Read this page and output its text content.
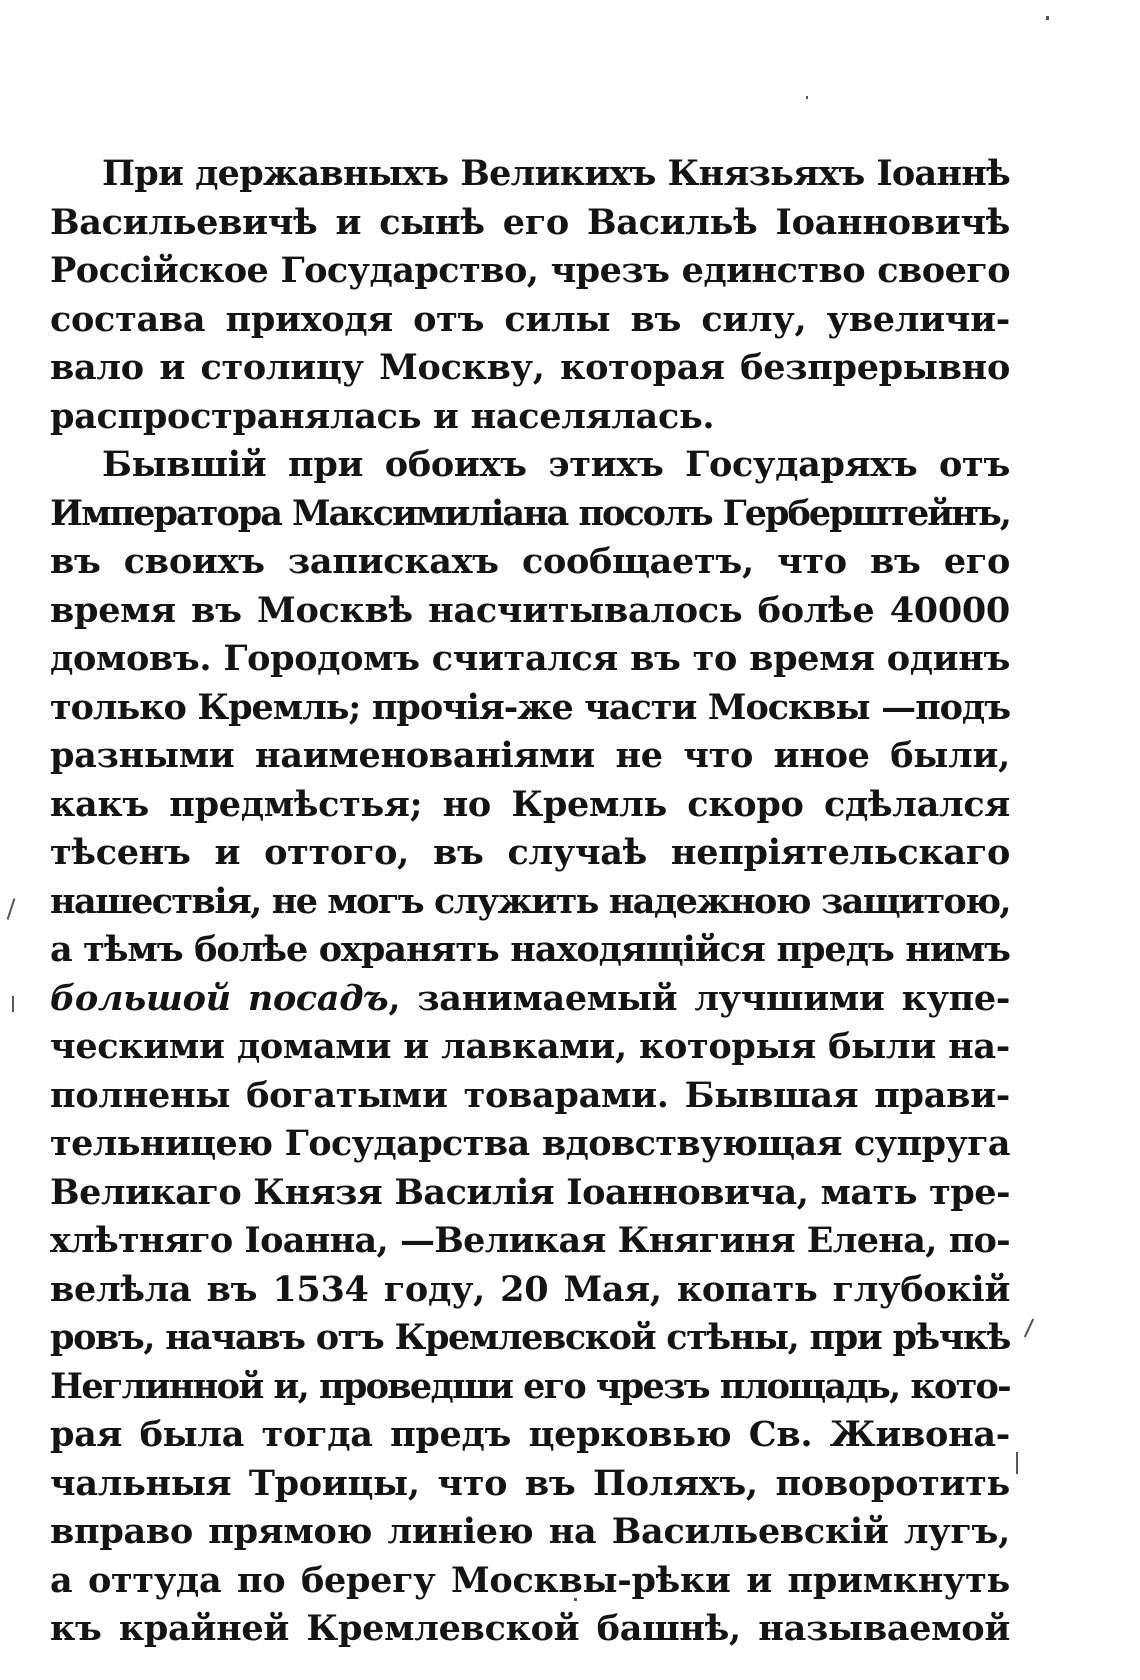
При державныхъ Великихъ Князьяхъ Іоаннѣ
Васильевичѣ и сынѣ его Васильѣ Іоанновичѣ
Россійское Государство, чрезъ единство своего
состава приходя отъ силы въ силу, увеличи-
вало и столицу Москву, которая безпрерывно
распространялась и населялась.
Бывшій при обоихъ этихъ Государяхъ отъ
Императора Максимиліана посолъ Герберштейнъ,
въ своихъ запискахъ сообщаетъ, что въ его
время въ Москвѣ насчитывалось болѣе 40000
домовъ. Городомъ считался въ то время одинъ
только Кремль; прочія-же части Москвы —подъ
разными наименованіями не что иное были,
какъ предмѣстья; но Кремль скоро сдѣлался
тѣсенъ и оттого, въ случаѣ непріятельскаго
нашествія, не могъ служить надежною защитою,
а тѣмъ болѣе охранять находящійся предъ нимъ
большой посадъ, занимаемый лучшими купе-
ческими домами и лавками, которыя были на-
полнены богатыми товарами. Бывшая прави-
тельницею Государства вдовствующая супруга
Великаго Князя Василія Іоанновича, мать тре-
хлѣтняго Іоанна, —Великая Княгиня Елена, по-
велѣла въ 1534 году, 20 Мая, копать глубокій
ровъ, начавъ отъ Кремлевской стѣны, при рѣчкѣ
Неглинной и, проведши его чрезъ площадь, кото-
рая была тогда предъ церковью Св. Живона-
чальныя Троицы, что въ Поляхъ, поворотить
вправо прямою линіею на Васильевскій лугъ,
а оттуда по берегу Москвы-рѣки и примкнуть
къ крайней Кремлевской башнѣ, называемой
